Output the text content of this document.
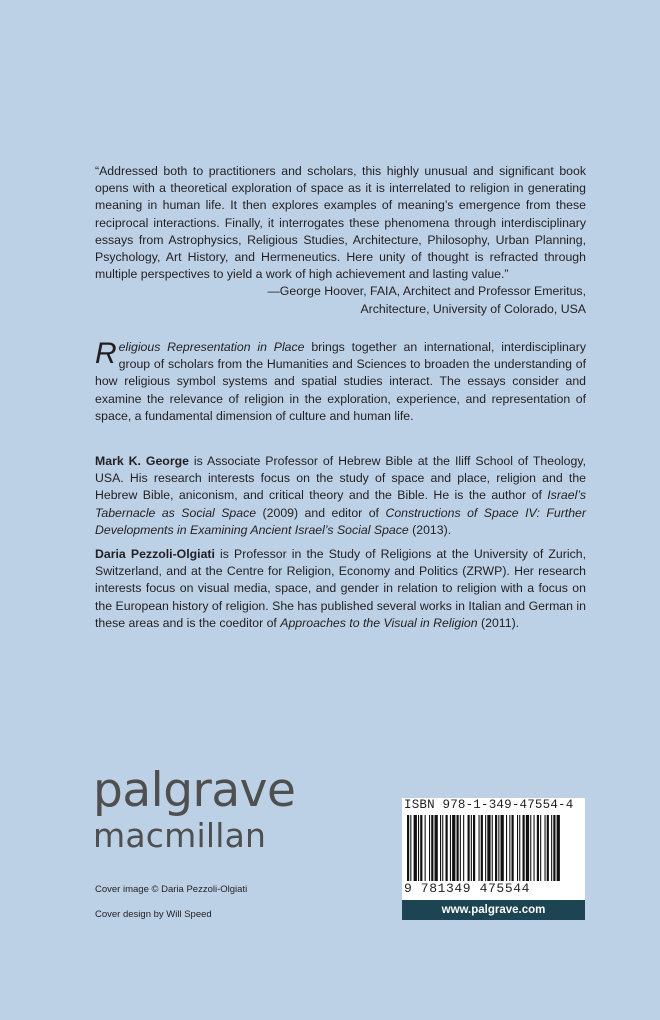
“Addressed both to practitioners and scholars, this highly unusual and significant book opens with a theoretical exploration of space as it is interrelated to religion in generating meaning in human life. It then explores examples of meaning’s emergence from these reciprocal interactions. Finally, it interrogates these phenomena through interdisciplinary essays from Astrophysics, Religious Studies, Architecture, Philosophy, Urban Planning, Psychology, Art History, and Hermeneutics. Here unity of thought is refracted through multiple perspectives to yield a work of high achievement and lasting value.”

—George Hoover, FAIA, Architect and Professor Emeritus,
Architecture, University of Colorado, USA

Religious Representation in Place brings together an international, interdisciplinary group of scholars from the Humanities and Sciences to broaden the understanding of how religious symbol systems and spatial studies interact. The essays consider and examine the relevance of religion in the exploration, experience, and representation of space, a fundamental dimension of culture and human life.

Mark K. George is Associate Professor of Hebrew Bible at the Iliff School of Theology, USA. His research interests focus on the study of space and place, religion and the Hebrew Bible, aniconism, and critical theory and the Bible. He is the author of Israel’s Tabernacle as Social Space (2009) and editor of Constructions of Space IV: Further Developments in Examining Ancient Israel’s Social Space (2013).

Daria Pezzoli-Olgiati is Professor in the Study of Religions at the University of Zurich, Switzerland, and at the Centre for Religion, Economy and Politics (ZRWP). Her research interests focus on visual media, space, and gender in relation to religion with a focus on the European history of religion. She has published several works in Italian and German in these areas and is the coeditor of Approaches to the Visual in Religion (2011).

palgrave
macmillan
Cover image © Daria Pezzoli-Olgiati
Cover design by Will Speed
ISBN 978-1-349-47554-4
9 781349 475544
www.palgrave.com
